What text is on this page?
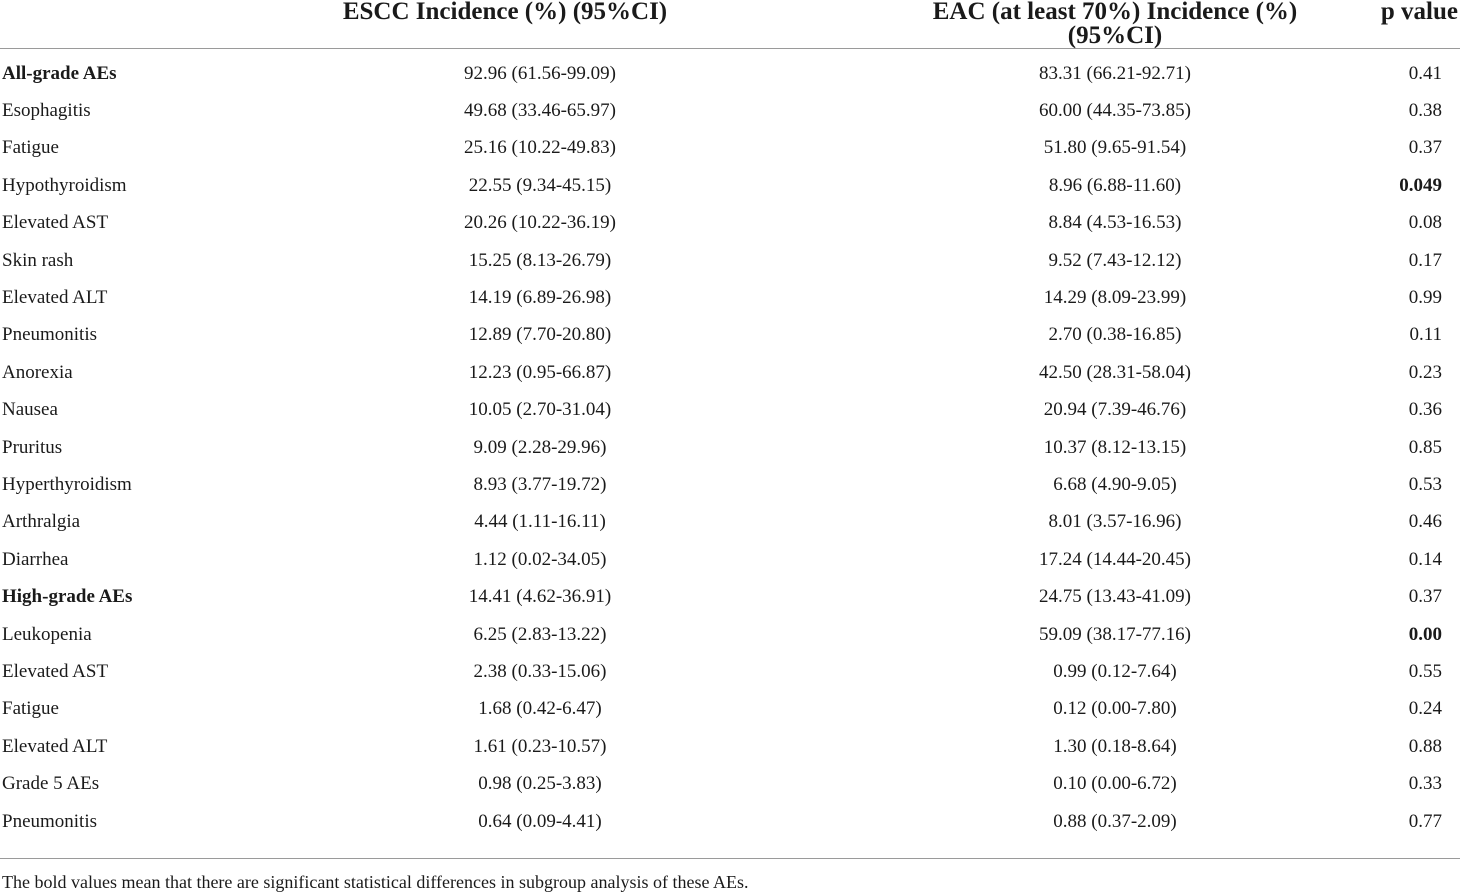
	ESCC Incidence (%) (95%CI)	EAC (at least 70%) Incidence (%) (95%CI)	p value
All-grade AEs	92.96 (61.56-99.09)	83.31 (66.21-92.71)	0.41
Esophagitis	49.68 (33.46-65.97)	60.00 (44.35-73.85)	0.38
Fatigue	25.16 (10.22-49.83)	51.80 (9.65-91.54)	0.37
Hypothyroidism	22.55 (9.34-45.15)	8.96 (6.88-11.60)	0.049
Elevated AST	20.26 (10.22-36.19)	8.84 (4.53-16.53)	0.08
Skin rash	15.25 (8.13-26.79)	9.52 (7.43-12.12)	0.17
Elevated ALT	14.19 (6.89-26.98)	14.29 (8.09-23.99)	0.99
Pneumonitis	12.89 (7.70-20.80)	2.70 (0.38-16.85)	0.11
Anorexia	12.23 (0.95-66.87)	42.50 (28.31-58.04)	0.23
Nausea	10.05 (2.70-31.04)	20.94 (7.39-46.76)	0.36
Pruritus	9.09 (2.28-29.96)	10.37 (8.12-13.15)	0.85
Hyperthyroidism	8.93 (3.77-19.72)	6.68 (4.90-9.05)	0.53
Arthralgia	4.44 (1.11-16.11)	8.01 (3.57-16.96)	0.46
Diarrhea	1.12 (0.02-34.05)	17.24 (14.44-20.45)	0.14
High-grade AEs	14.41 (4.62-36.91)	24.75 (13.43-41.09)	0.37
Leukopenia	6.25 (2.83-13.22)	59.09 (38.17-77.16)	0.00
Elevated AST	2.38 (0.33-15.06)	0.99 (0.12-7.64)	0.55
Fatigue	1.68 (0.42-6.47)	0.12 (0.00-7.80)	0.24
Elevated ALT	1.61 (0.23-10.57)	1.30 (0.18-8.64)	0.88
Grade 5 AEs	0.98 (0.25-3.83)	0.10 (0.00-6.72)	0.33
Pneumonitis	0.64 (0.09-4.41)	0.88 (0.37-2.09)	0.77
The bold values mean that there are significant statistical differences in subgroup analysis of these AEs.
